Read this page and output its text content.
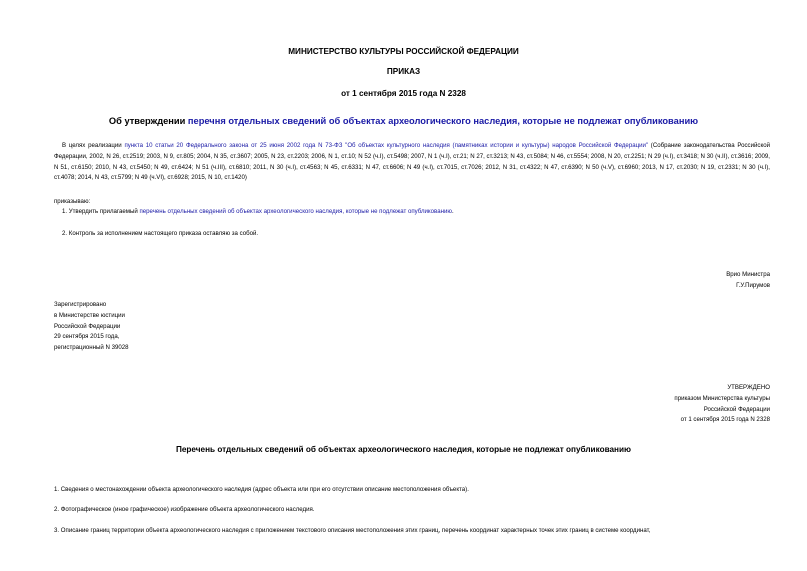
МИНИСТЕРСТВО КУЛЬТУРЫ РОССИЙСКОЙ ФЕДЕРАЦИИ
ПРИКАЗ
от 1 сентября 2015 года N 2328
Об утверждении перечня отдельных сведений об объектах археологического наследия, которые не подлежат опубликованию
В целях реализации пункта 10 статьи 20 Федерального закона от 25 июня 2002 года N 73-ФЗ "Об объектах культурного наследия (памятниках истории и культуры) народов Российской Федерации" (Собрание законодательства Российской Федерации, 2002, N 26, ст.2519; 2003, N 9, ст.805; 2004, N 35, ст.3607; 2005, N 23, ст.2203; 2006, N 1, ст.10; N 52 (ч.I), ст.5498; 2007, N 1 (ч.I), ст.21; N 27, ст.3213; N 43, ст.5084; N 46, ст.5554; 2008, N 20, ст.2251; N 29 (ч.I), ст.3418; N 30 (ч.II), ст.3616; 2009, N 51, ст.6150; 2010, N 43, ст.5450; N 49, ст.6424; N 51 (ч.III), ст.6810; 2011, N 30 (ч.I), ст.4563; N 45, ст.6331; N 47, ст.6606; N 49 (ч.I), ст.7015, ст.7026; 2012, N 31, ст.4322; N 47, ст.6390; N 50 (ч.V), ст.6960; 2013, N 17, ст.2030; N 19, ст.2331; N 30 (ч.I), ст.4078; 2014, N 43, ст.5799; N 49 (ч.VI), ст.6928; 2015, N 10, ст.1420)
приказываю:
1. Утвердить прилагаемый перечень отдельных сведений об объектах археологического наследия, которые не подлежат опубликованию.
2. Контроль за исполнением настоящего приказа оставляю за собой.
Врио Министра
Г.У.Пирумов
Зарегистрировано
в Министерстве юстиции
Российской Федерации
29 сентября 2015 года,
регистрационный N 39028
УТВЕРЖДЕНО
приказом Министерства культуры
Российской Федерации
от 1 сентября 2015 года N 2328
Перечень отдельных сведений об объектах археологического наследия, которые не подлежат опубликованию
1. Сведения о местонахождении объекта археологического наследия (адрес объекта или при его отсутствии описание местоположения объекта).
2. Фотографическое (иное графическое) изображение объекта археологического наследия.
3. Описание границ территории объекта археологического наследия с приложением текстового описания местоположения этих границ, перечень координат характерных точек этих границ в системе координат,
